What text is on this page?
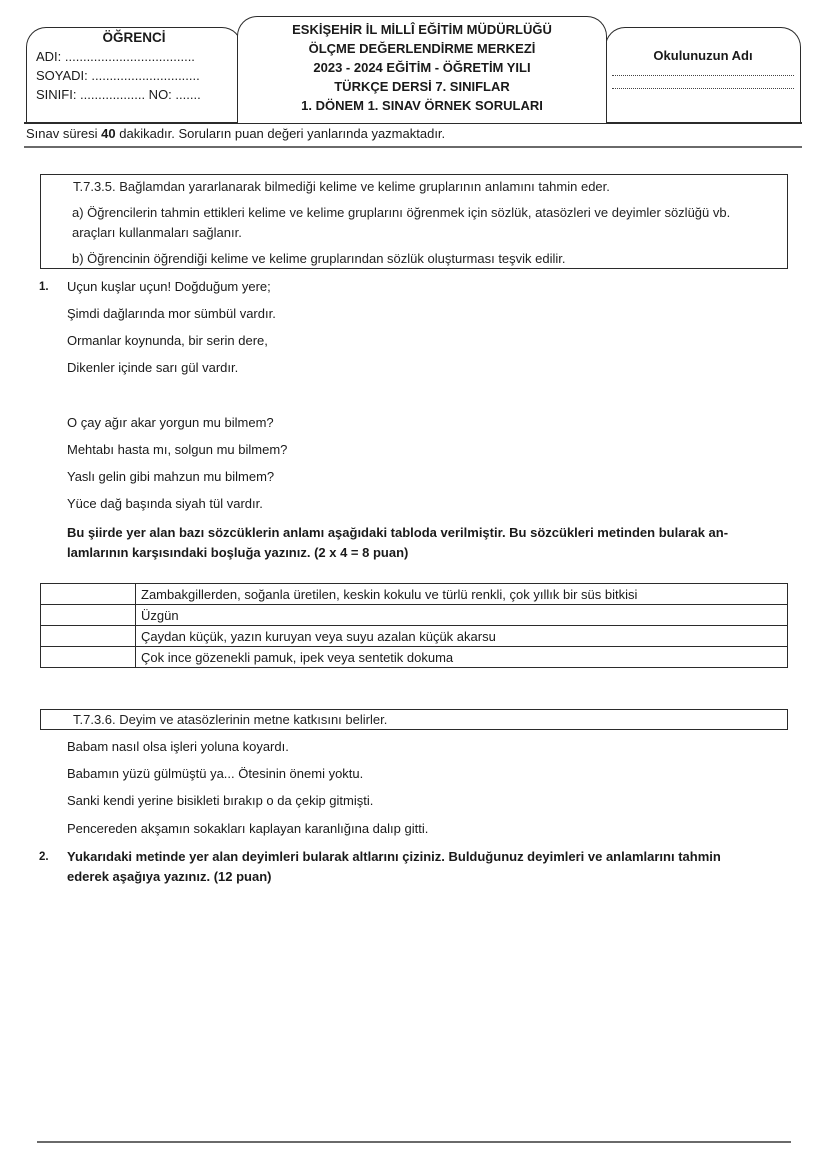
ÖĞRENCİ
ADI: ....................................
SOYADI: ..............................
SINIFI: .................. NO: .......
ESKİŞEHİR İL MİLLÎ EĞİTİM MÜDÜRLÜĞÜ
ÖLÇME DEĞERLENDİRME MERKEZİ
2023 - 2024 EĞİTİM - ÖĞRETİM YILI
TÜRKÇE DERSİ 7. SINIFLAR
1. DÖNEM 1. SINAV ÖRNEK SORULARI
Okulunuzun Adı
Sınav süresi 40 dakikadır. Soruların puan değeri yanlarında yazmaktadır.
T.7.3.5. Bağlamdan yararlanarak bilmediği kelime ve kelime gruplarının anlamını tahmin eder.
a) Öğrencilerin tahmin ettikleri kelime ve kelime gruplarını öğrenmek için sözlük, atasözleri ve deyimler sözlüğü vb.
araçları kullanmaları sağlanır.
b) Öğrencinin öğrendiği kelime ve kelime gruplarından sözlük oluşturması teşvik edilir.
1. Uçun kuşlar uçun! Doğduğum yere;
Şimdi dağlarında mor sümbül vardır.
Ormanlar koynunda, bir serin dere,
Dikenler içinde sarı gül vardır.
O çay ağır akar yorgun mu bilmem?
Mehtabı hasta mı, solgun mu bilmem?
Yaslı gelin gibi mahzun mu bilmem?
Yüce dağ başında siyah tül vardır.
Bu şiirde yer alan bazı sözcüklerin anlamı aşağıdaki tabloda verilmiştir. Bu sözcükleri metinden bularak an-
lamlarının karşısındaki boşluğa yazınız. (2 x 4 = 8 puan)
	Zambakgillerden, soğanla üretilen, keskin kokulu ve türlü renkli, çok yıllık bir süs bitkisi
	Üzgün
	Çaydan küçük, yazın kuruyan veya suyu azalan küçük akarsu
	Çok ince gözenekli pamuk, ipek veya sentetik dokuma
T.7.3.6. Deyim ve atasözlerinin metne katkısını belirler.
Babam nasıl olsa işleri yoluna koyardı.
Babamın yüzü gülmüştü ya... Ötesinin önemi yoktu.
Sanki kendi yerine bisikleti bırakıp o da çekip gitmişti.
Pencereden akşamın sokakları kaplayan karanlığına dalıp gitti.
2. Yukarıdaki metinde yer alan deyimleri bularak altlarını çiziniz. Bulduğunuz deyimleri ve anlamlarını tahmin
ederek aşağıya yazınız. (12 puan)
